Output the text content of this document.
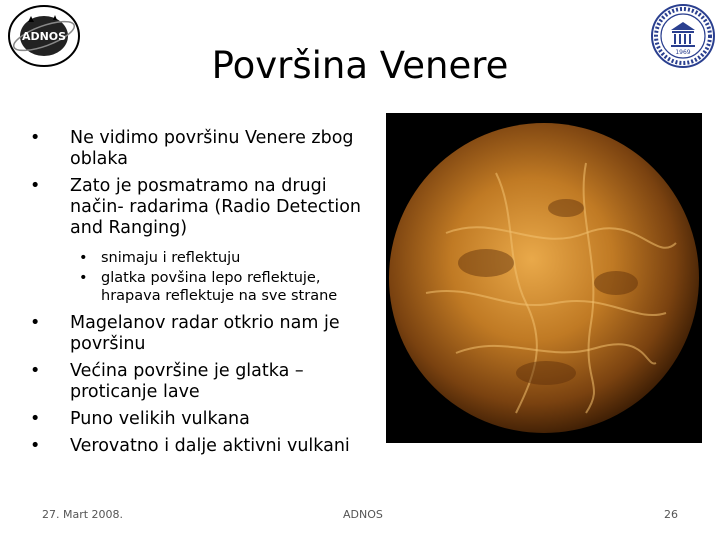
ADNOS
1969
Površina Venere
• Ne vidimo površinu Venere zbog oblaka
• Zato je posmatramo na drugi način- radarima (Radio Detection and Ranging)
• snimaju i reflektuju
• glatka povšina lepo reflektuje, hrapava reflektuje na sve strane
• Magelanov radar otkrio nam je površinu
• Većina površine je glatka – proticanje lave
• Puno velikih vulkana
• Verovatno i dalje aktivni vulkani
27. Mart 2008.	ADNOS	26
